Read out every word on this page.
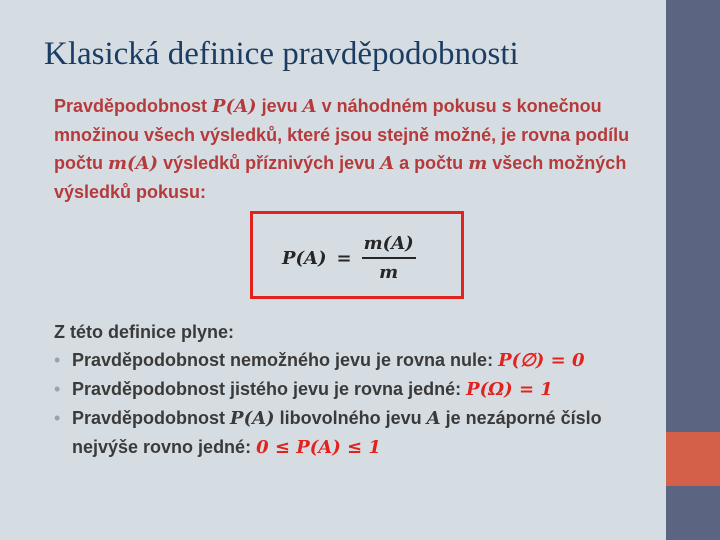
Klasická definice pravděpodobnosti

Pravděpodobnost P(A) jevu A v náhodném pokusu s konečnou množinou všech výsledků, které jsou stejně možné, je rovna podílu počtu m(A) výsledků příznivých jevu A a počtu m všech možných výsledků pokusu:

$P(A) = \frac{m(A)}{m}$

Z této definice plyne:

• Pravděpodobnost nemožného jevu je rovna nule: P(∅) = 0
• Pravděpodobnost jistého jevu je rovna jedné: P(Ω) = 1
• Pravděpodobnost P(A) libovolného jevu A je nezáporné číslo nejvýše rovno jedné: 0 ≤ P(A) ≤ 1
